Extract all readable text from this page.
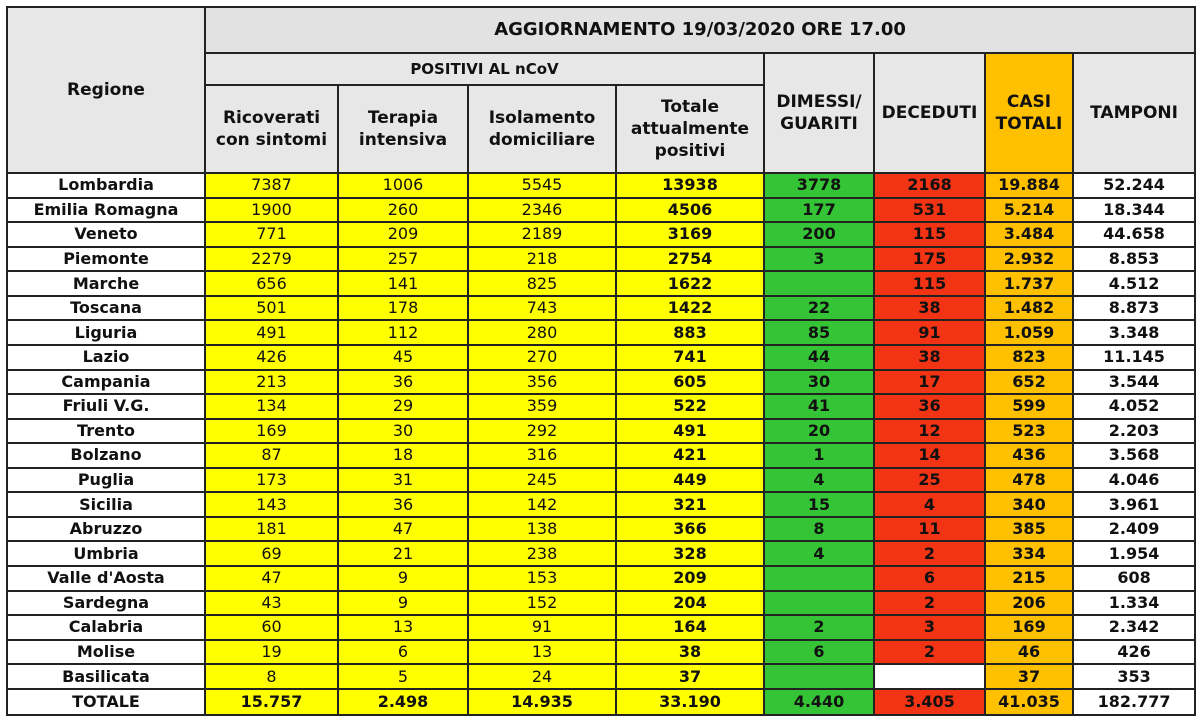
Regione	AGGIORNAMENTO 19/03/2020 ORE 17.00							
	POSITIVI AL nCoV				DIMESSI/ GUARITI	DECEDUTI	CASI TOTALI	TAMPONI
	Ricoverati con sintomi	Terapia intensiva	Isolamento domiciliare	Totale attualmente positivi				
Lombardia	7387	1006	5545	13938	3778	2168	19.884	52.244
Emilia Romagna	1900	260	2346	4506	177	531	5.214	18.344
Veneto	771	209	2189	3169	200	115	3.484	44.658
Piemonte	2279	257	218	2754	3	175	2.932	8.853
Marche	656	141	825	1622		115	1.737	4.512
Toscana	501	178	743	1422	22	38	1.482	8.873
Liguria	491	112	280	883	85	91	1.059	3.348
Lazio	426	45	270	741	44	38	823	11.145
Campania	213	36	356	605	30	17	652	3.544
Friuli V.G.	134	29	359	522	41	36	599	4.052
Trento	169	30	292	491	20	12	523	2.203
Bolzano	87	18	316	421	1	14	436	3.568
Puglia	173	31	245	449	4	25	478	4.046
Sicilia	143	36	142	321	15	4	340	3.961
Abruzzo	181	47	138	366	8	11	385	2.409
Umbria	69	21	238	328	4	2	334	1.954
Valle d'Aosta	47	9	153	209		6	215	608
Sardegna	43	9	152	204		2	206	1.334
Calabria	60	13	91	164	2	3	169	2.342
Molise	19	6	13	38	6	2	46	426
Basilicata	8	5	24	37			37	353
TOTALE	15.757	2.498	14.935	33.190	4.440	3.405	41.035	182.777
